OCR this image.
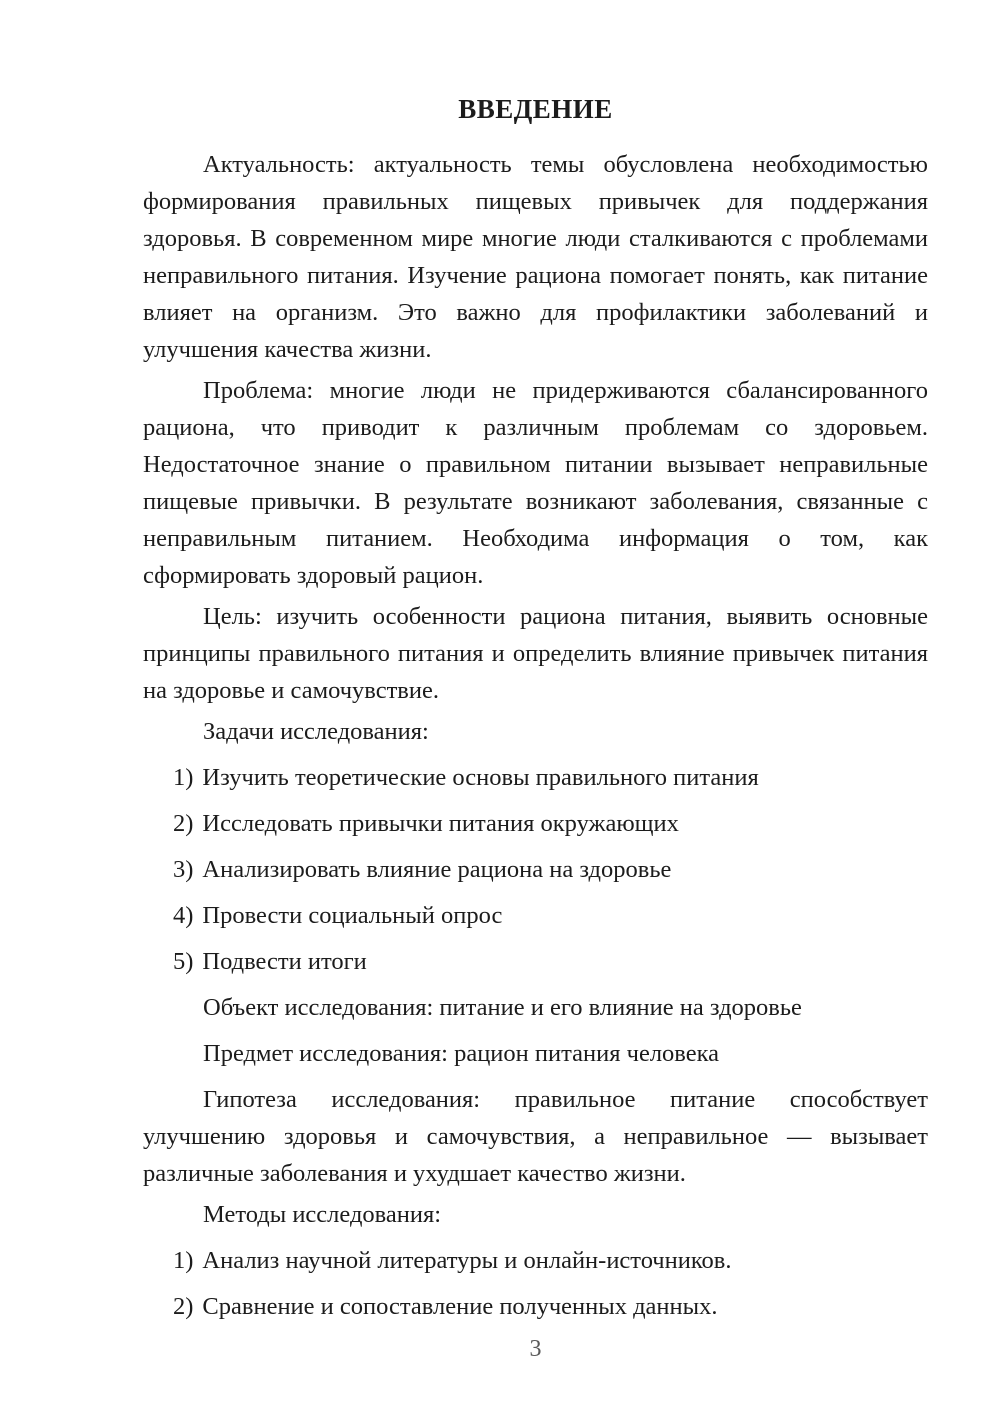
ВВЕДЕНИЕ

Актуальность: актуальность темы обусловлена необходимостью формирования правильных пищевых привычек для поддержания здоровья. В современном мире многие люди сталкиваются с проблемами неправильного питания. Изучение рациона помогает понять, как питание влияет на организм. Это важно для профилактики заболеваний и улучшения качества жизни.

Проблема: многие люди не придерживаются сбалансированного рациона, что приводит к различным проблемам со здоровьем. Недостаточное знание о правильном питании вызывает неправильные пищевые привычки. В результате возникают заболевания, связанные с неправильным питанием. Необходима информация о том, как сформировать здоровый рацион.

Цель: изучить особенности рациона питания, выявить основные принципы правильного питания и определить влияние привычек питания на здоровье и самочувствие.

Задачи исследования:

1) Изучить теоретические основы правильного питания
2) Исследовать привычки питания окружающих
3) Анализировать влияние рациона на здоровье
4) Провести социальный опрос
5) Подвести итоги

Объект исследования: питание и его влияние на здоровье

Предмет исследования: рацион питания человека

Гипотеза исследования: правильное питание способствует улучшению здоровья и самочувствия, а неправильное — вызывает различные заболевания и ухудшает качество жизни.

Методы исследования:

1) Анализ научной литературы и онлайн-источников.
2) Сравнение и сопоставление полученных данных.
3
